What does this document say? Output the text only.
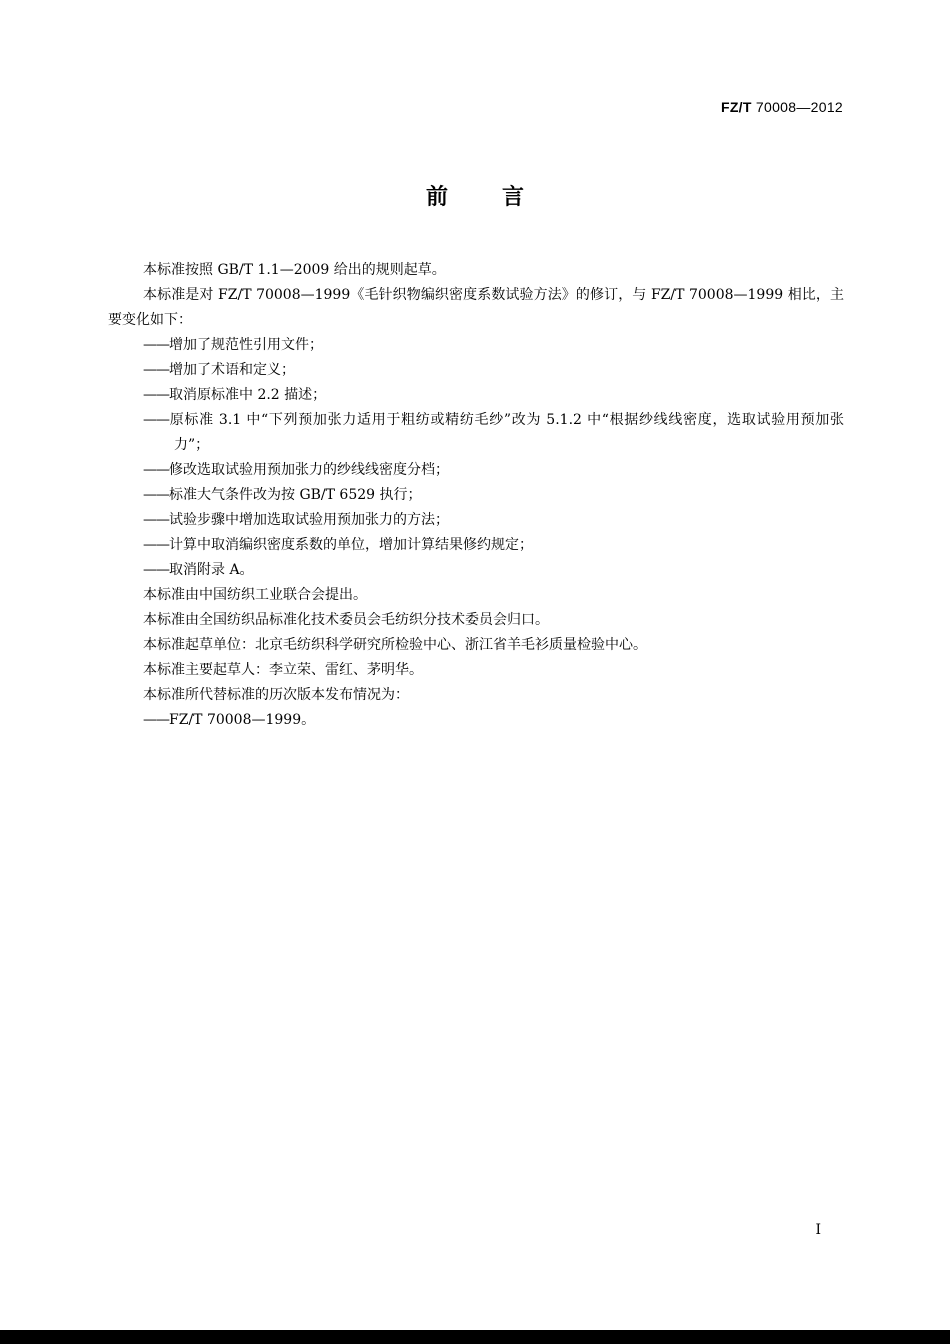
FZ/T 70008—2012
前 言

本标准按照 GB/T 1.1—2009 给出的规则起草。

本标准是对 FZ/T 70008—1999《毛针织物编织密度系数试验方法》的修订，与 FZ/T 70008—1999 相比，主要变化如下：

——增加了规范性引用文件；

——增加了术语和定义；

——取消原标准中 2.2 描述；

——原标准 3.1 中“下列预加张力适用于粗纺或精纺毛纱”改为 5.1.2 中“根据纱线线密度，选取试验用预加张力”；

——修改选取试验用预加张力的纱线线密度分档；

——标准大气条件改为按 GB/T 6529 执行；

——试验步骤中增加选取试验用预加张力的方法；

——计算中取消编织密度系数的单位，增加计算结果修约规定；

——取消附录 A。

本标准由中国纺织工业联合会提出。

本标准由全国纺织品标准化技术委员会毛纺织分技术委员会归口。

本标准起草单位：北京毛纺织科学研究所检验中心、浙江省羊毛衫质量检验中心。

本标准主要起草人：李立荣、雷红、茅明华。

本标准所代替标准的历次版本发布情况为：

——FZ/T 70008—1999。

I
